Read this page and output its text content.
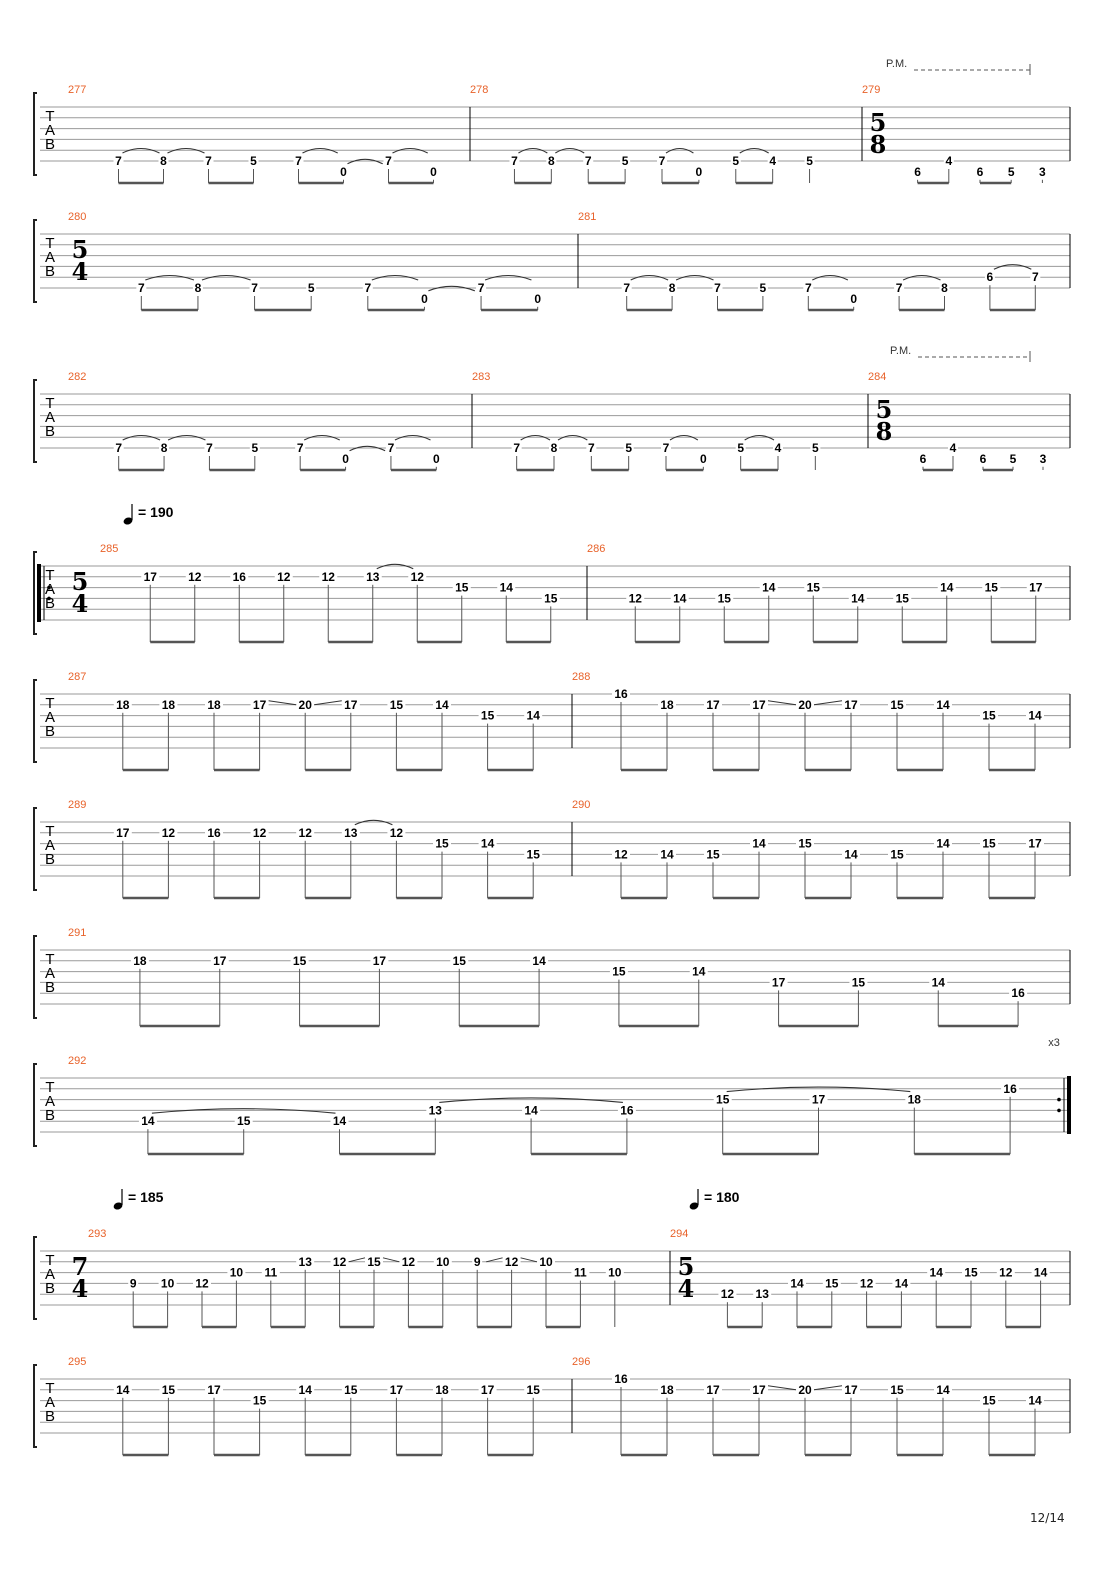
T
A
B
P.M.
277
7	8	7	5	7
0
7
0
278
7	8	7	5	7
0
5	4	5
279
5
8
6
4
6 5 3
T
A
B
280
5
4
7	8	7	5	7
0
7
0
281
7	8	7	5	7
0
7	8
6	7
T
A
B
P.M.
282
7	8	7	5	7
0
7
0
283
7	8	7	5	7
0
5	4	5
284
5
8
6
4
6 5 3
T
A
B
= 190
285
5
4
17	12	16	12	12	13	12
15	14
15
286
12	14	15
14	15
14	15
14	15	17
T
A
B
287
18	18	18	17	20	17	15	14
15	14
288
16
18	17	17	20	17	15	14
15	14
T
A
B
289
17	12	16	12	12	13	12
15	14
15
290
12	14	15
14	15
14	15
14	15	17
T
A
B
291
18	17	15	17	15	14
15	14
17	15	14
16
T
A
B
x3
292
14	15	14
13	14	16
15	17	18
16
T
A
B
= 185	= 180
293
7
4	9 10 12
10 11
13 12 15 12 10 9 12 10
11 10
294
5
4 12 13
14 15 12 14
14 15 12 14
T
A
B
295
14	15	17
15
14	15	17	18	17	15
296
16
18	17	17	20	17	15	14
15	14
12/14
